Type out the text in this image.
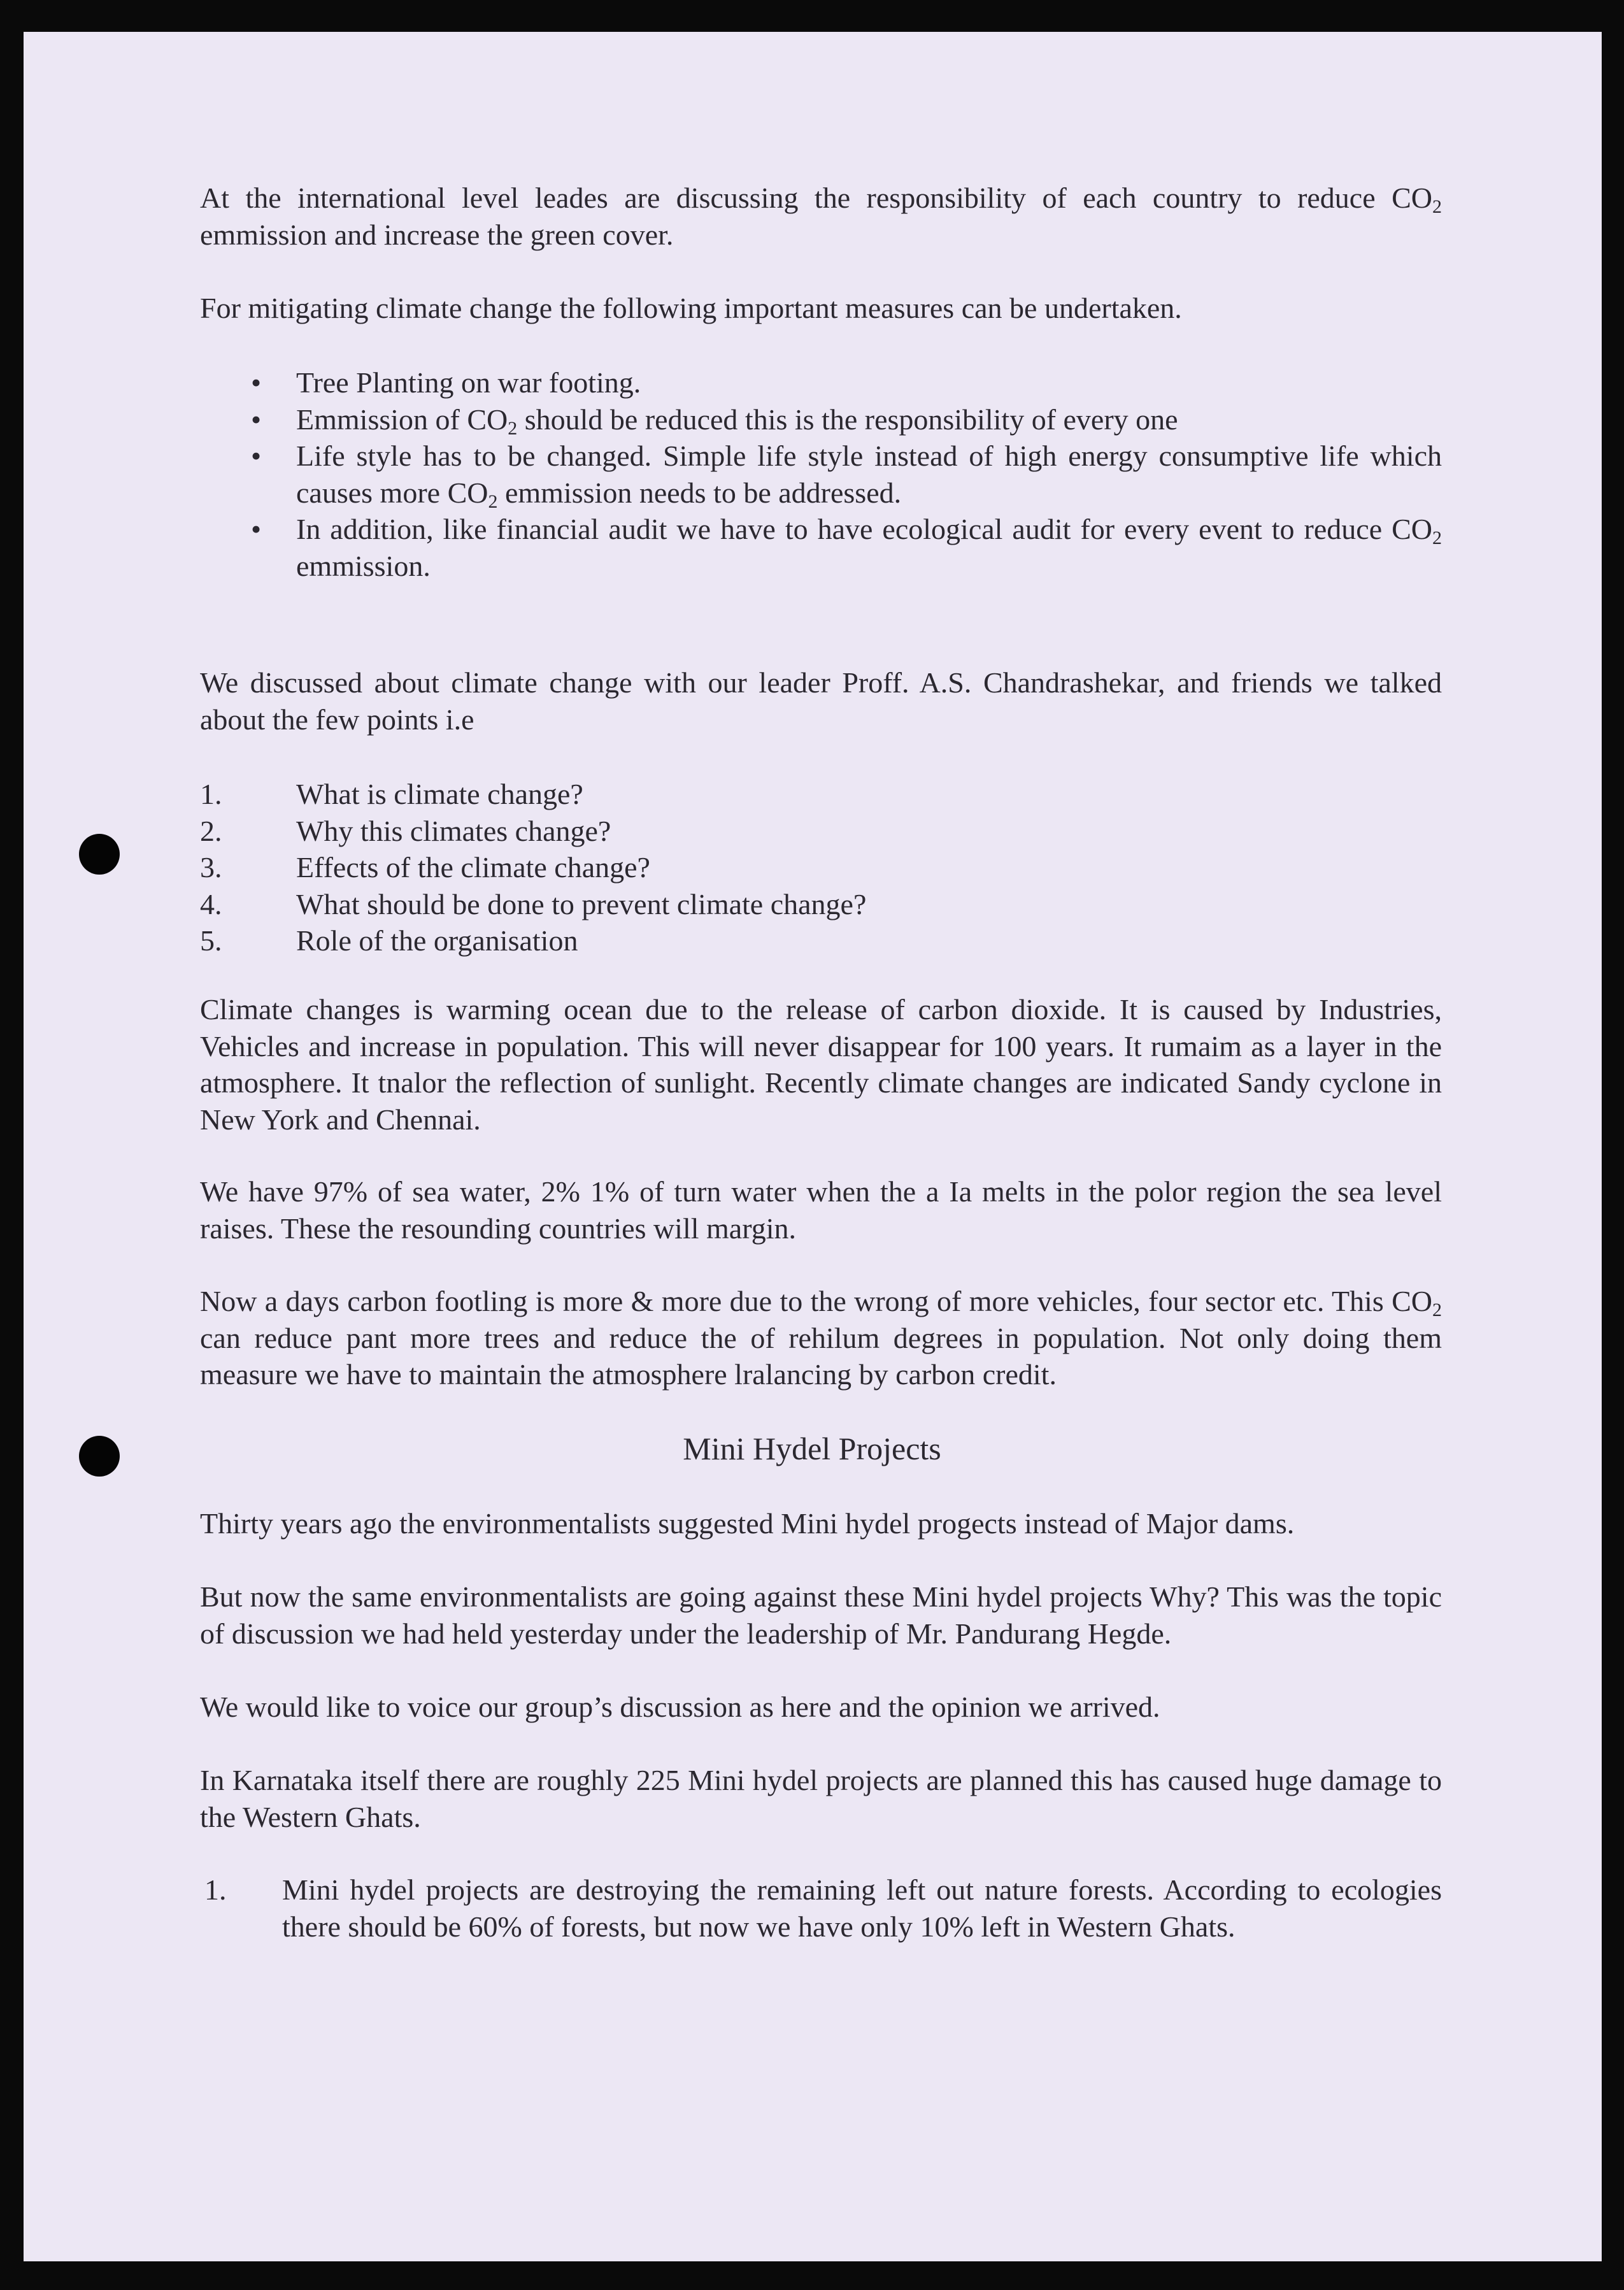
At the international level leades are discussing the responsibility of each country to reduce $CO_2$ emmission and increase the green cover.

For mitigating climate change the following important measures can be undertaken.

• Tree Planting on war footing.
• Emmission of $CO_2$ should be reduced this is the responsibility of every one
• Life style has to be changed. Simple life style instead of high energy consumptive life which causes more $CO_2$ emmission needs to be addressed.
• In addition, like financial audit we have to have ecological audit for every event to reduce $CO_2$ emmission.

We discussed about climate change with our leader Proff. A.S. Chandrashekar, and friends we talked about the few points i.e

1.	What is climate change?
2.	Why this climates change?
3.	Effects of the climate change?
4.	What should be done to prevent climate change?
5.	Role of the organisation

Climate changes is warming ocean due to the release of carbon dioxide. It is caused by Industries, Vehicles and increase in population. This will never disappear for 100 years. It rumaim as a layer in the atmosphere. It tnalor the reflection of sunlight. Recently climate changes are indicated Sandy cyclone in New York and Chennai.

We have 97% of sea water, 2% 1% of turn water when the a Ia melts in the polor region the sea level raises. These the resounding countries will margin.

Now a days carbon footling is more & more due to the wrong of more vehicles, four sector etc. This $CO_2$ can reduce pant more trees and reduce the of rehilum degrees in population. Not only doing them measure we have to maintain the atmosphere lralancing by carbon credit.

Mini Hydel Projects

Thirty years ago the environmentalists suggested Mini hydel progects instead of Major dams.

But now the same environmentalists are going against these Mini hydel projects Why? This was the topic of discussion we had held yesterday under the leadership of Mr. Pandurang Hegde.

We would like to voice our group’s discussion as here and the opinion we arrived.

In Karnataka itself there are roughly 225 Mini hydel projects are planned this has caused huge damage to the Western Ghats.

1. Mini hydel projects are destroying the remaining left out nature forests. According to ecologies there should be 60% of forests, but now we have only 10% left in Western Ghats.
